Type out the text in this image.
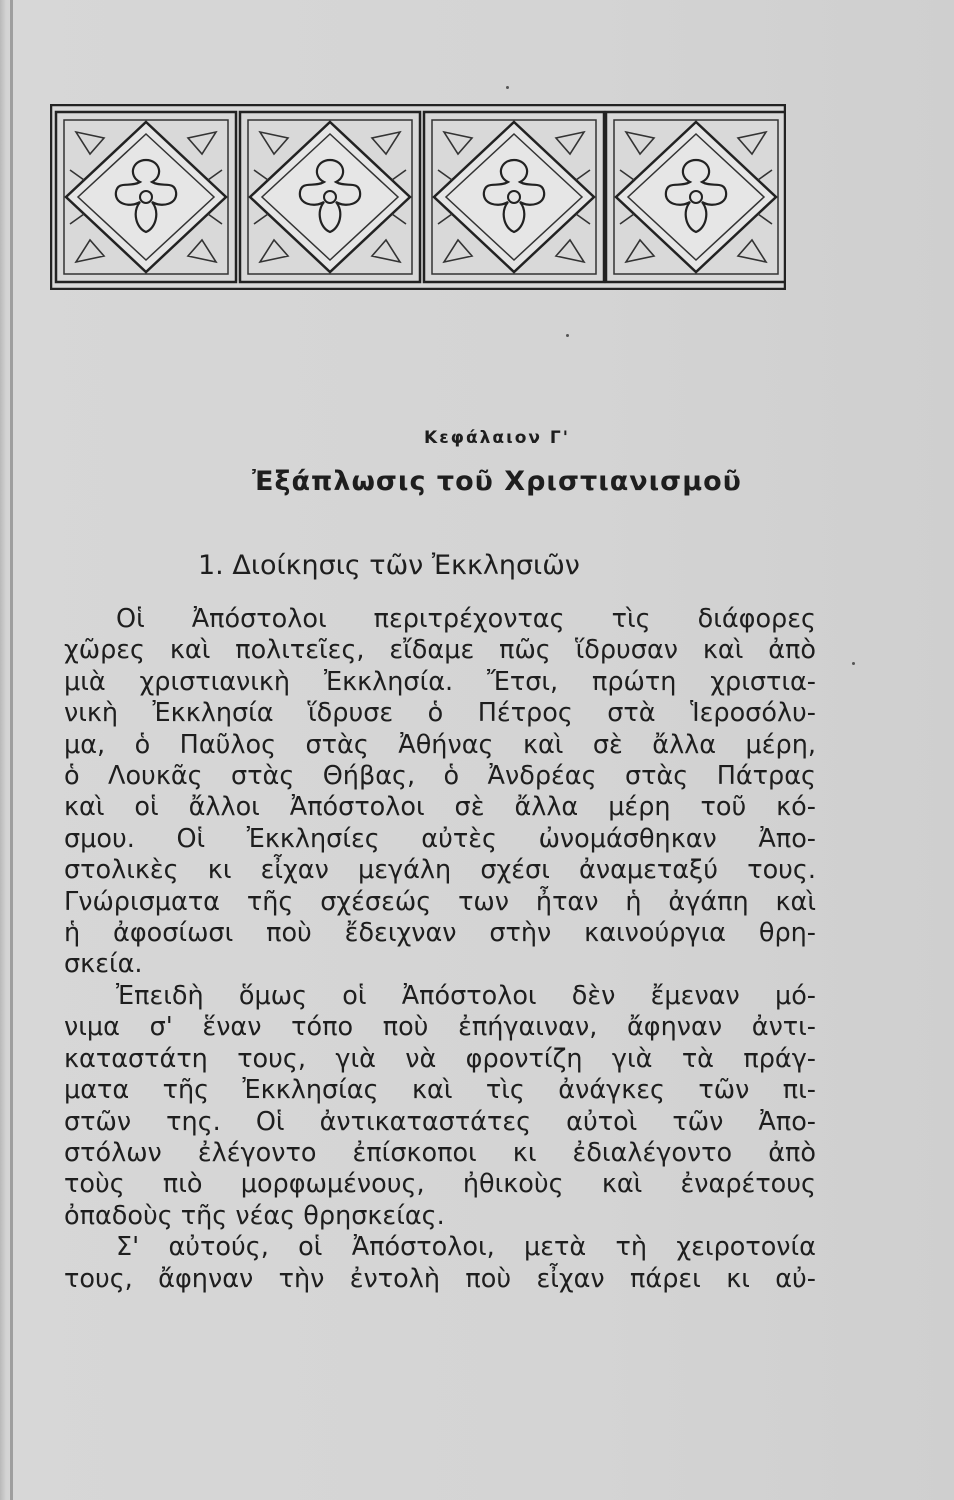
Κεφάλαιον Γ'
Ἐξάπλωσις τοῦ Χριστιανισμοῦ
1. Διοίκησις τῶν Ἐκκλησιῶν
Οἱ Ἀπόστολοι περιτρέχοντας τὶς διάφορες
χῶρες καὶ πολιτεῖες, εἴδαμε πῶς ἵδρυσαν καὶ ἀπὸ
μιὰ χριστιανικὴ Ἐκκλησία. Ἔτσι, πρώτη χριστια-
νικὴ Ἐκκλησία ἵδρυσε ὁ Πέτρος στὰ Ἱεροσόλυ-
μα, ὁ Παῦλος στὰς Ἀθήνας καὶ σὲ ἄλλα μέρη,
ὁ Λουκᾶς στὰς Θήβας, ὁ Ἀνδρέας στὰς Πάτρας
καὶ οἱ ἄλλοι Ἀπόστολοι σὲ ἄλλα μέρη τοῦ κό-
σμου. Οἱ Ἐκκλησίες αὐτὲς ὠνομάσθηκαν Ἀπο-
στολικὲς κι εἶχαν μεγάλη σχέσι ἀναμεταξύ τους.
Γνώρισματα τῆς σχέσεώς των ἦταν ἡ ἀγάπη καὶ
ἡ ἀφοσίωσι ποὺ ἔδειχναν στὴν καινούργια θρη-
σκεία.
Ἐπειδὴ ὅμως οἱ Ἀπόστολοι δὲν ἔμεναν μό-
νιμα σ' ἕναν τόπο ποὺ ἐπήγαιναν, ἄφηναν ἀντι-
καταστάτη τους, γιὰ νὰ φροντίζη γιὰ τὰ πράγ-
ματα τῆς Ἐκκλησίας καὶ τὶς ἀνάγκες τῶν πι-
στῶν της. Οἱ ἀντικαταστάτες αὐτοὶ τῶν Ἀπο-
στόλων ἐλέγοντο ἐπίσκοποι κι ἐδιαλέγοντο ἀπὸ
τοὺς πιὸ μορφωμένους, ἠθικοὺς καὶ ἐναρέτους
ὀπαδοὺς τῆς νέας θρησκείας.
Σ' αὐτούς, οἱ Ἀπόστολοι, μετὰ τὴ χειροτονία
τους, ἄφηναν τὴν ἐντολὴ ποὺ εἶχαν πάρει κι αὐ-
